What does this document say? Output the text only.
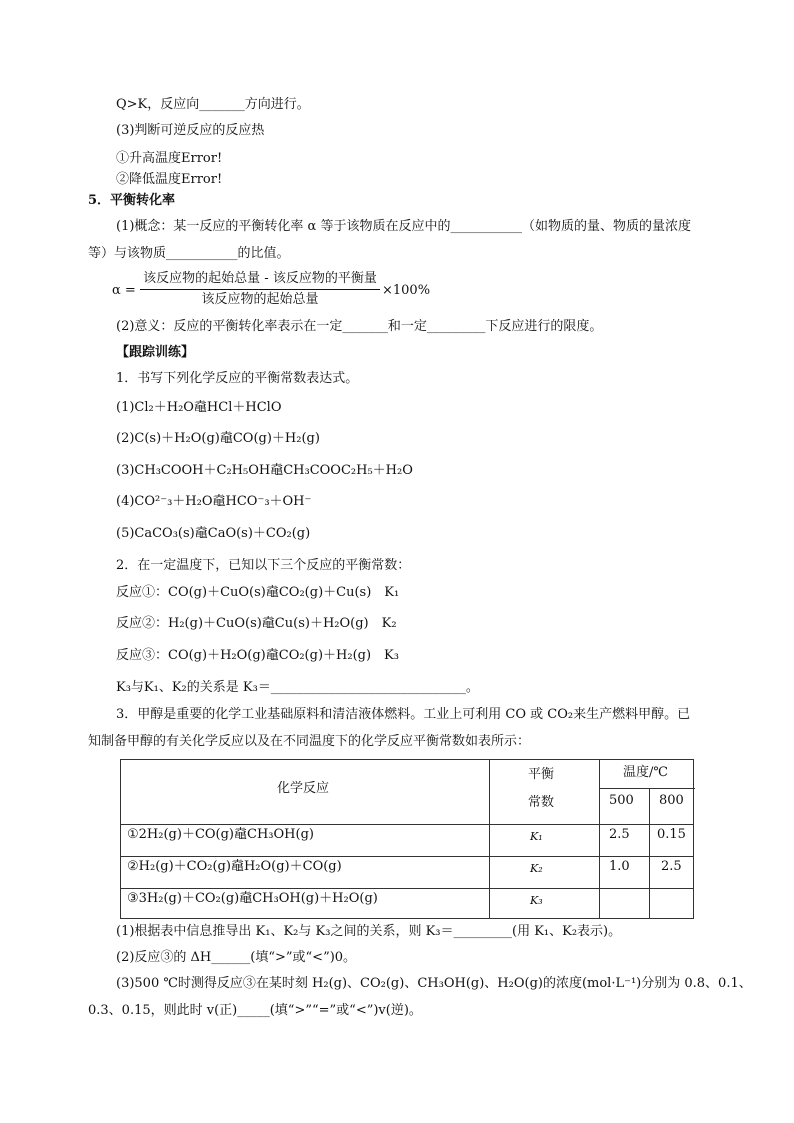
Q>K，反应向_______方向进行。
(3)判断可逆反应的反应热
①升高温度Error!
②降低温度Error!
5．平衡转化率
(1)概念：某一反应的平衡转化率 α 等于该物质在反应中的___________（如物质的量、物质的量浓度
等）与该物质___________的比值。
α =
该反应物的起始总量 - 该反应物的平衡量
该反应物的起始总量
×100%
(2)意义：反应的平衡转化率表示在一定_______和一定_________下反应进行的限度。
【跟踪训练】
1．书写下列化学反应的平衡常数表达式。
(1)Cl₂＋H₂O鼀HCl＋HClO
(2)C(s)＋H₂O(g)鼀CO(g)＋H₂(g)
(3)CH₃COOH＋C₂H₅OH鼀CH₃COOC₂H₅＋H₂O
(4)CO²⁻₃＋H₂O鼀HCO⁻₃＋OH⁻
(5)CaCO₃(s)鼀CaO(s)＋CO₂(g)
2．在一定温度下，已知以下三个反应的平衡常数：
反应①：CO(g)＋CuO(s)鼀CO₂(g)＋Cu(s)　K₁
反应②：H₂(g)＋CuO(s)鼀Cu(s)＋H₂O(g)　K₂
反应③：CO(g)＋H₂O(g)鼀CO₂(g)＋H₂(g)　K₃
K₃与K₁、K₂的关系是 K₃＝______________________________。
3．甲醇是重要的化学工业基础原料和清洁液体燃料。工业上可利用 CO 或 CO₂来生产燃料甲醇。已
知制备甲醇的有关化学反应以及在不同温度下的化学反应平衡常数如表所示：
化学反应
平衡
常数
温度/℃
500 800
①2H₂(g)＋CO(g)鼀CH₃OH(g)	K₁	2.5 0.15
②H₂(g)＋CO₂(g)鼀H₂O(g)＋CO(g)	K₂	1.0 2.5
③3H₂(g)＋CO₂(g)鼀CH₃OH(g)＋H₂O(g)	K₃
(1)根据表中信息推导出 K₁、K₂与 K₃之间的关系，则 K₃＝_________(用 K₁、K₂表示)。
(2)反应③的 ΔH______(填“>”或“<”)0。
(3)500 ℃时测得反应③在某时刻 H₂(g)、CO₂(g)、CH₃OH(g)、H₂O(g)的浓度(mol·L⁻¹)分别为 0.8、0.1、
0.3、0.15，则此时 v(正)_____(填“>”“=”或“<”)v(逆)。
